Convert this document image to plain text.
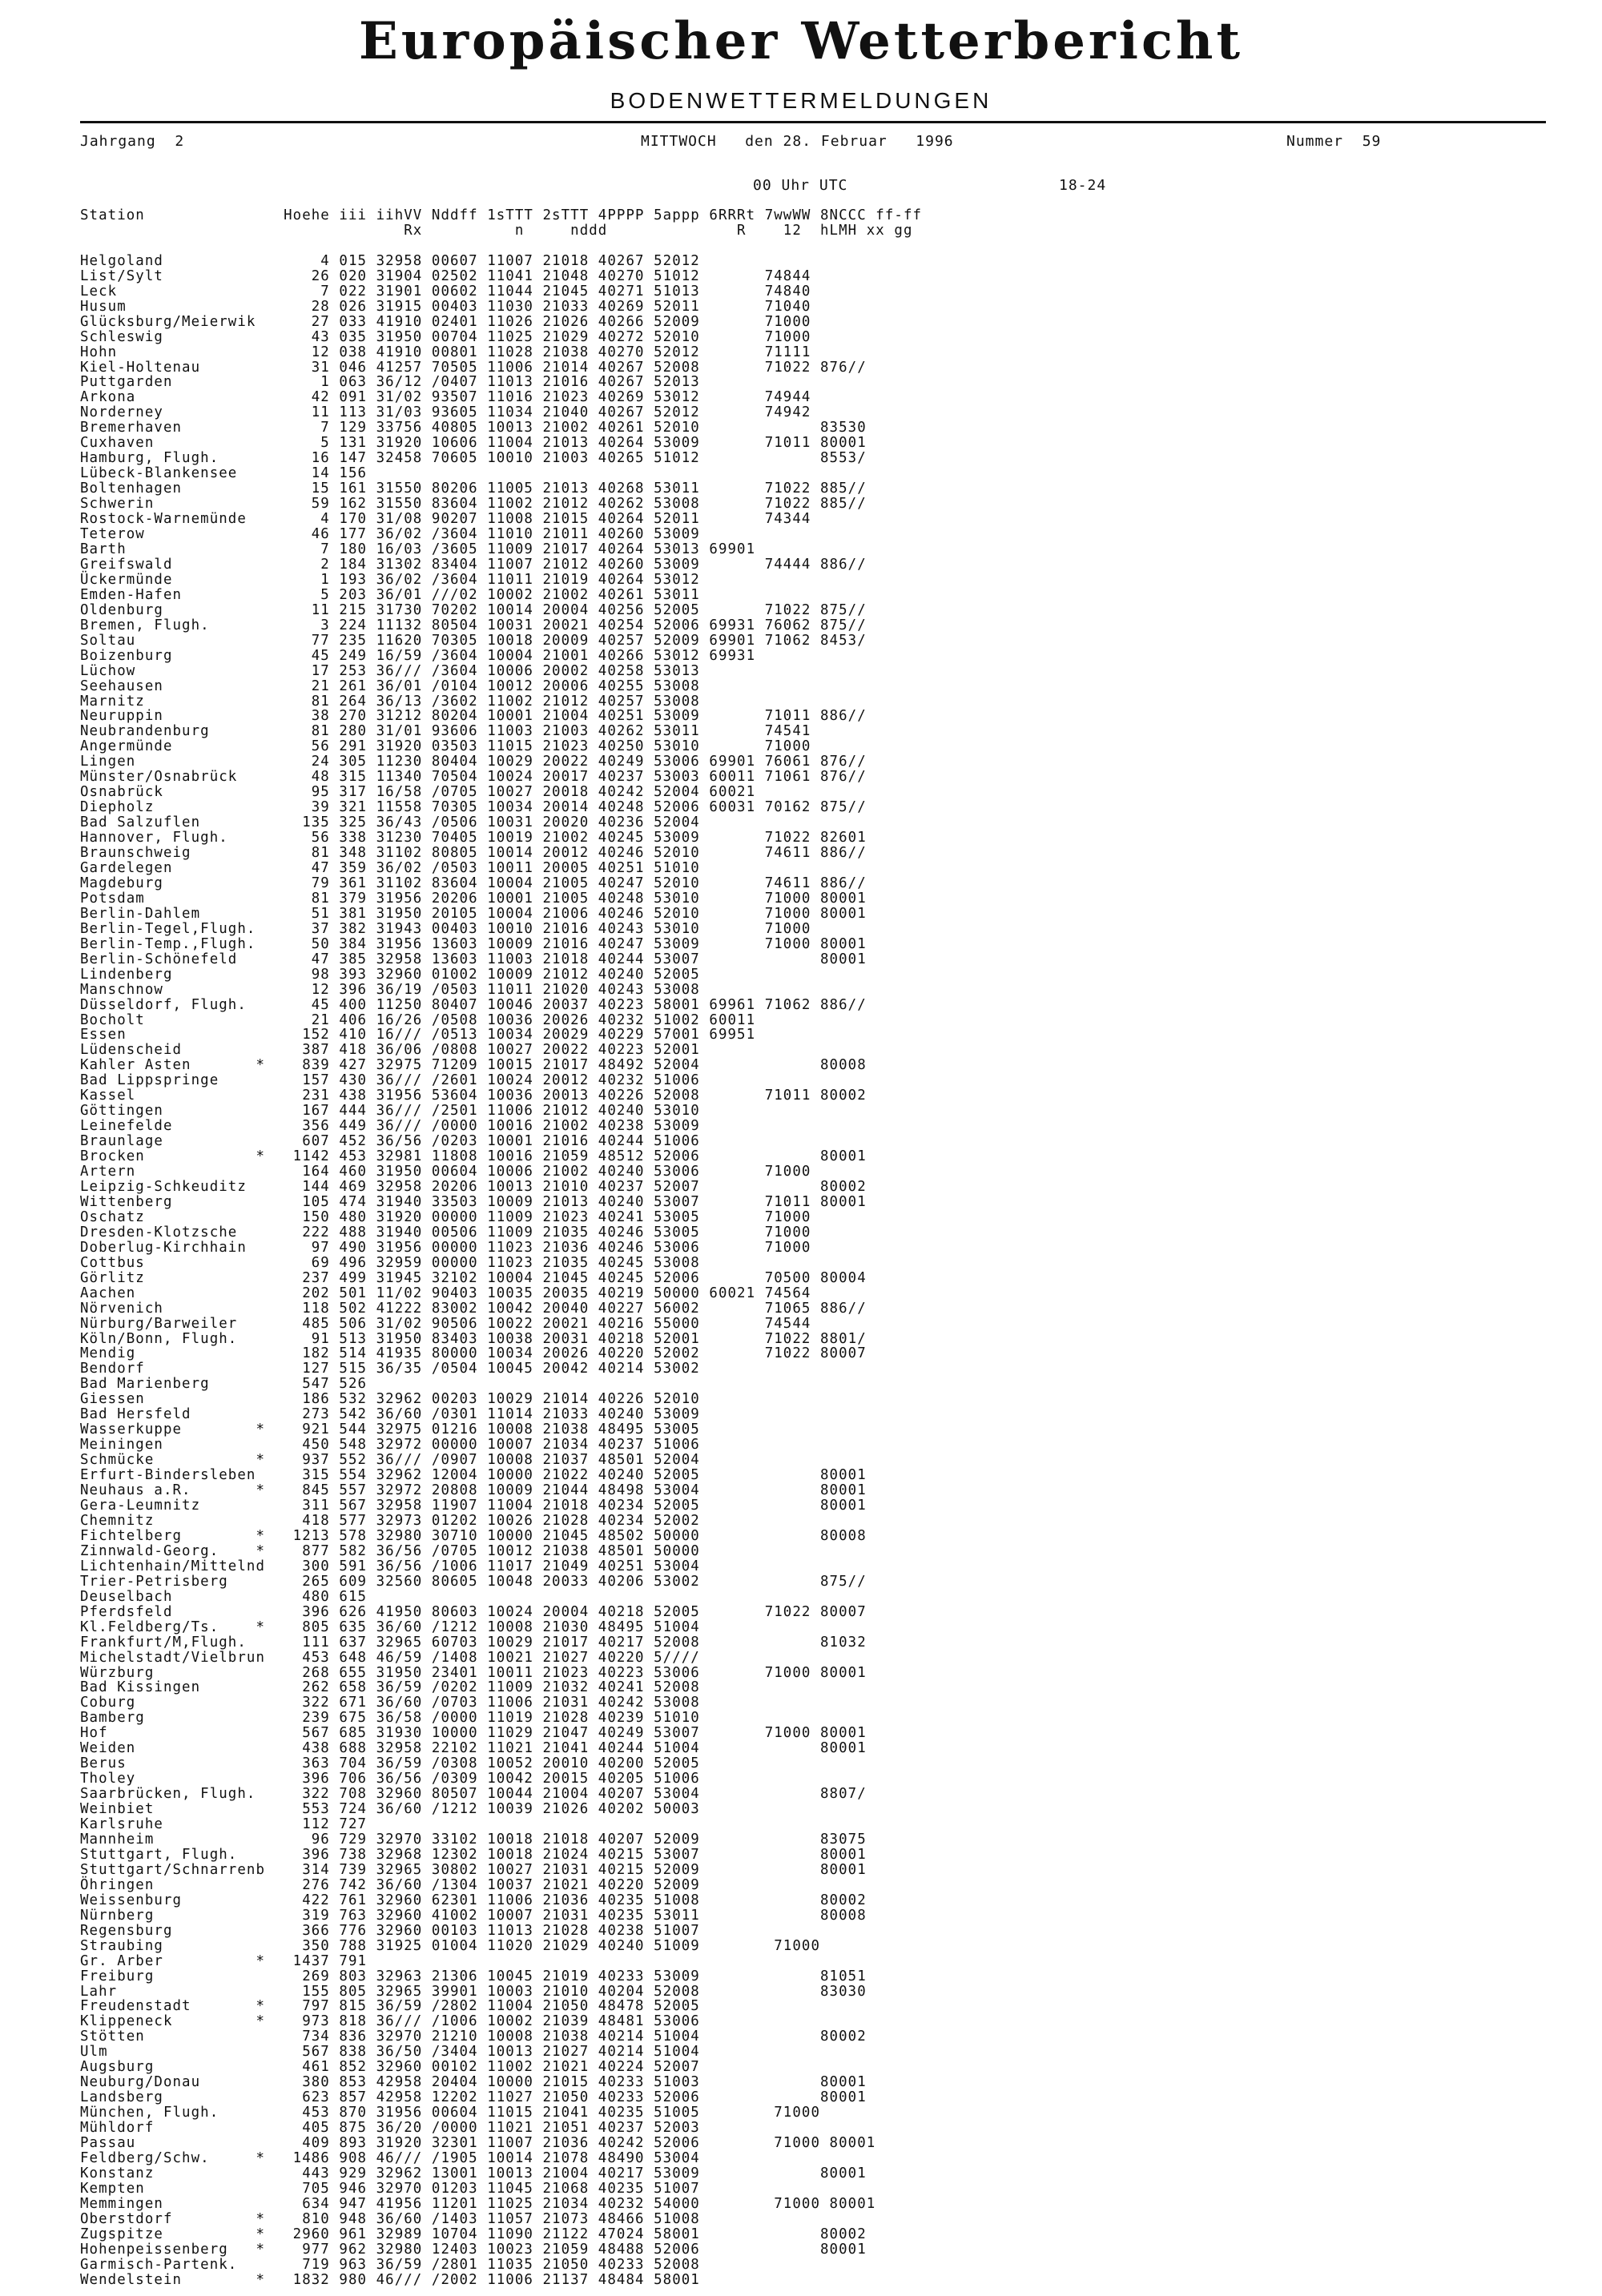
Europäischer Wetterbericht
BODENWETTERMELDUNGEN
Jahrgang  2	MITTWOCH   den 28. Februar   1996	Nummer  59
00 Uhr UTC	18-24
Station               Hoehe iii iihVV Nddff 1sTTT 2sTTT 4PPPP 5appp 6RRRt 7wwWW 8NCCC ff-ff
Rx          n     nddd              R    12  hLMH xx gg

Helgoland                 4 015 32958 00607 11007 21018 40267 52012
List/Sylt                26 020 31904 02502 11041 21048 40270 51012       74844
Leck                      7 022 31901 00602 11044 21045 40271 51013       74840
Husum                    28 026 31915 00403 11030 21033 40269 52011       71040
Glücksburg/Meierwik      27 033 41910 02401 11026 21026 40266 52009       71000
Schleswig                43 035 31950 00704 11025 21029 40272 52010       71000
Hohn                     12 038 41910 00801 11028 21038 40270 52012       71111
Kiel-Holtenau            31 046 41257 70505 11006 21014 40267 52008       71022 876//
Puttgarden                1 063 36/12 /0407 11013 21016 40267 52013
Arkona                   42 091 31/02 93507 11016 21023 40269 53012       74944
Norderney                11 113 31/03 93605 11034 21040 40267 52012       74942
Bremerhaven               7 129 33756 40805 10013 21002 40261 52010             83530
Cuxhaven                  5 131 31920 10606 11004 21013 40264 53009       71011 80001
Hamburg, Flugh.          16 147 32458 70605 10010 21003 40265 51012             8553/
Lübeck-Blankensee        14 156
Boltenhagen              15 161 31550 80206 11005 21013 40268 53011       71022 885//
Schwerin                 59 162 31550 83604 11002 21012 40262 53008       71022 885//
Rostock-Warnemünde        4 170 31/08 90207 11008 21015 40264 52011       74344
Teterow                  46 177 36/02 /3604 11010 21011 40260 53009
Barth                     7 180 16/03 /3605 11009 21017 40264 53013 69901
Greifswald                2 184 31302 83404 11007 21012 40260 53009       74444 886//
Ückermünde                1 193 36/02 /3604 11011 21019 40264 53012
Emden-Hafen               5 203 36/01 ///02 10002 21002 40261 53011
Oldenburg                11 215 31730 70202 10014 20004 40256 52005       71022 875//
Bremen, Flugh.            3 224 11132 80504 10031 20021 40254 52006 69931 76062 875//
Soltau                   77 235 11620 70305 10018 20009 40257 52009 69901 71062 8453/
Boizenburg               45 249 16/59 /3604 10004 21001 40266 53012 69931
Lüchow                   17 253 36/// /3604 10006 20002 40258 53013
Seehausen                21 261 36/01 /0104 10012 20006 40255 53008
Marnitz                  81 264 36/13 /3602 11002 21012 40257 53008
Neuruppin                38 270 31212 80204 10001 21004 40251 53009       71011 886//
Neubrandenburg           81 280 31/01 93606 11003 21003 40262 53011       74541
Angermünde               56 291 31920 03503 11015 21023 40250 53010       71000
Lingen                   24 305 11230 80404 10029 20022 40249 53006 69901 76061 876//
Münster/Osnabrück        48 315 11340 70504 10024 20017 40237 53003 60011 71061 876//
Osnabrück                95 317 16/58 /0705 10027 20018 40242 52004 60021
Diepholz                 39 321 11558 70305 10034 20014 40248 52006 60031 70162 875//
Bad Salzuflen           135 325 36/43 /0506 10031 20020 40236 52004
Hannover, Flugh.         56 338 31230 70405 10019 21002 40245 53009       71022 82601
Braunschweig             81 348 31102 80805 10014 20012 40246 52010       74611 886//
Gardelegen               47 359 36/02 /0503 10011 20005 40251 51010
Magdeburg                79 361 31102 83604 10004 21005 40247 52010       74611 886//
Potsdam                  81 379 31956 20206 10001 21005 40248 53010       71000 80001
Berlin-Dahlem            51 381 31950 20105 10004 21006 40246 52010       71000 80001
Berlin-Tegel,Flugh.      37 382 31943 00403 10010 21016 40243 53010       71000
Berlin-Temp.,Flugh.      50 384 31956 13603 10009 21016 40247 53009       71000 80001
Berlin-Schönefeld        47 385 32958 13603 11003 21018 40244 53007             80001
Lindenberg               98 393 32960 01002 10009 21012 40240 52005
Manschnow                12 396 36/19 /0503 11011 21020 40243 53008
Düsseldorf, Flugh.       45 400 11250 80407 10046 20037 40223 58001 69961 71062 886//
Bocholt                  21 406 16/26 /0508 10036 20026 40232 51002 60011
Essen                   152 410 16/// /0513 10034 20029 40229 57001 69951
Lüdenscheid             387 418 36/06 /0808 10027 20022 40223 52001
Kahler Asten       *    839 427 32975 71209 10015 21017 48492 52004             80008
Bad Lippspringe         157 430 36/// /2601 10024 20012 40232 51006
Kassel                  231 438 31956 53604 10036 20013 40226 52008       71011 80002
Göttingen               167 444 36/// /2501 11006 21012 40240 53010
Leinefelde              356 449 36/// /0000 10016 21002 40238 53009
Braunlage               607 452 36/56 /0203 10001 21016 40244 51006
Brocken            *   1142 453 32981 11808 10016 21059 48512 52006             80001
Artern                  164 460 31950 00604 10006 21002 40240 53006       71000
Leipzig-Schkeuditz      144 469 32958 20206 10013 21010 40237 52007             80002
Wittenberg              105 474 31940 33503 10009 21013 40240 53007       71011 80001
Oschatz                 150 480 31920 00000 11009 21023 40241 53005       71000
Dresden-Klotzsche       222 488 31940 00506 11009 21035 40246 53005       71000
Doberlug-Kirchhain       97 490 31956 00000 11023 21036 40246 53006       71000
Cottbus                  69 496 32959 00000 11023 21035 40245 53008
Görlitz                 237 499 31945 32102 10004 21045 40245 52006       70500 80004
Aachen                  202 501 11/02 90403 10035 20035 40219 50000 60021 74564
Nörvenich               118 502 41222 83002 10042 20040 40227 56002       71065 886//
Nürburg/Barweiler       485 506 31/02 90506 10022 20021 40216 55000       74544
Köln/Bonn, Flugh.        91 513 31950 83403 10038 20031 40218 52001       71022 8801/
Mendig                  182 514 41935 80000 10034 20026 40220 52002       71022 80007
Bendorf                 127 515 36/35 /0504 10045 20042 40214 53002
Bad Marienberg          547 526
Giessen                 186 532 32962 00203 10029 21014 40226 52010
Bad Hersfeld            273 542 36/60 /0301 11014 21033 40240 53009
Wasserkuppe        *    921 544 32975 01216 10008 21038 48495 53005
Meiningen               450 548 32972 00000 10007 21034 40237 51006
Schmücke           *    937 552 36/// /0907 10008 21037 48501 52004
Erfurt-Bindersleben     315 554 32962 12004 10000 21022 40240 52005             80001
Neuhaus a.R.       *    845 557 32972 20808 10009 21044 48498 53004             80001
Gera-Leumnitz           311 567 32958 11907 11004 21018 40234 52005             80001
Chemnitz                418 577 32973 01202 10026 21028 40234 52002
Fichtelberg        *   1213 578 32980 30710 10000 21045 48502 50000             80008
Zinnwald-Georg.    *    877 582 36/56 /0705 10012 21038 48501 50000
Lichtenhain/Mittelnd    300 591 36/56 /1006 11017 21049 40251 53004
Trier-Petrisberg        265 609 32560 80605 10048 20033 40206 53002             875//
Deuselbach              480 615
Pferdsfeld              396 626 41950 80603 10024 20004 40218 52005       71022 80007
Kl.Feldberg/Ts.    *    805 635 36/60 /1212 10008 21030 48495 51004
Frankfurt/M,Flugh.      111 637 32965 60703 10029 21017 40217 52008             81032
Michelstadt/Vielbrun    453 648 46/59 /1408 10021 21027 40220 5////
Würzburg                268 655 31950 23401 10011 21023 40223 53006       71000 80001
Bad Kissingen           262 658 36/59 /0202 11009 21032 40241 52008
Coburg                  322 671 36/60 /0703 11006 21031 40242 53008
Bamberg                 239 675 36/58 /0000 11019 21028 40239 51010
Hof                     567 685 31930 10000 11029 21047 40249 53007       71000 80001
Weiden                  438 688 32958 22102 11021 21041 40244 51004             80001
Berus                   363 704 36/59 /0308 10052 20010 40200 52005
Tholey                  396 706 36/56 /0309 10042 20015 40205 51006
Saarbrücken, Flugh.     322 708 32960 80507 10044 21004 40207 53004             8807/
Weinbiet                553 724 36/60 /1212 10039 21026 40202 50003
Karlsruhe               112 727
Mannheim                 96 729 32970 33102 10018 21018 40207 52009             83075
Stuttgart, Flugh.       396 738 32968 12302 10018 21024 40215 53007             80001
Stuttgart/Schnarrenb    314 739 32965 30802 10027 21031 40215 52009             80001
Öhringen                276 742 36/60 /1304 10037 21021 40220 52009
Weissenburg             422 761 32960 62301 11006 21036 40235 51008             80002
Nürnberg                319 763 32960 41002 10007 21031 40235 53011             80008
Regensburg              366 776 32960 00103 11013 21028 40238 51007
Straubing               350 788 31925 01004 11020 21029 40240 51009        71000
Gr. Arber          *   1437 791
Freiburg                269 803 32963 21306 10045 21019 40233 53009             81051
Lahr                    155 805 32965 39901 10003 21010 40204 52008             83030
Freudenstadt       *    797 815 36/59 /2802 11004 21050 48478 52005
Klippeneck         *    973 818 36/// /1006 10002 21039 48481 53006
Stötten                 734 836 32970 21210 10008 21038 40214 51004             80002
Ulm                     567 838 36/50 /3404 10013 21027 40214 51004
Augsburg                461 852 32960 00102 11002 21021 40224 52007
Neuburg/Donau           380 853 42958 20404 10000 21015 40233 51003             80001
Landsberg               623 857 42958 12202 11027 21050 40233 52006             80001
München, Flugh.         453 870 31956 00604 11015 21041 40235 51005        71000
Mühldorf                405 875 36/20 /0000 11021 21051 40237 52003
Passau                  409 893 31920 32301 11007 21036 40242 52006        71000 80001
Feldberg/Schw.     *   1486 908 46/// /1905 10014 21078 48490 53004
Konstanz                443 929 32962 13001 10013 21004 40217 53009             80001
Kempten                 705 946 32970 01203 11045 21068 40235 51007
Memmingen               634 947 41956 11201 11025 21034 40232 54000        71000 80001
Oberstdorf         *    810 948 36/60 /1403 11057 21073 48466 51008
Zugspitze          *   2960 961 32989 10704 11090 21122 47024 58001             80002
Hohenpeissenberg   *    977 962 32980 12403 10023 21059 48488 52006             80001
Garmisch-Partenk.       719 963 36/59 /2801 11035 21050 40233 52008
Wendelstein        *   1832 980 46/// /2002 11006 21137 48484 58001
